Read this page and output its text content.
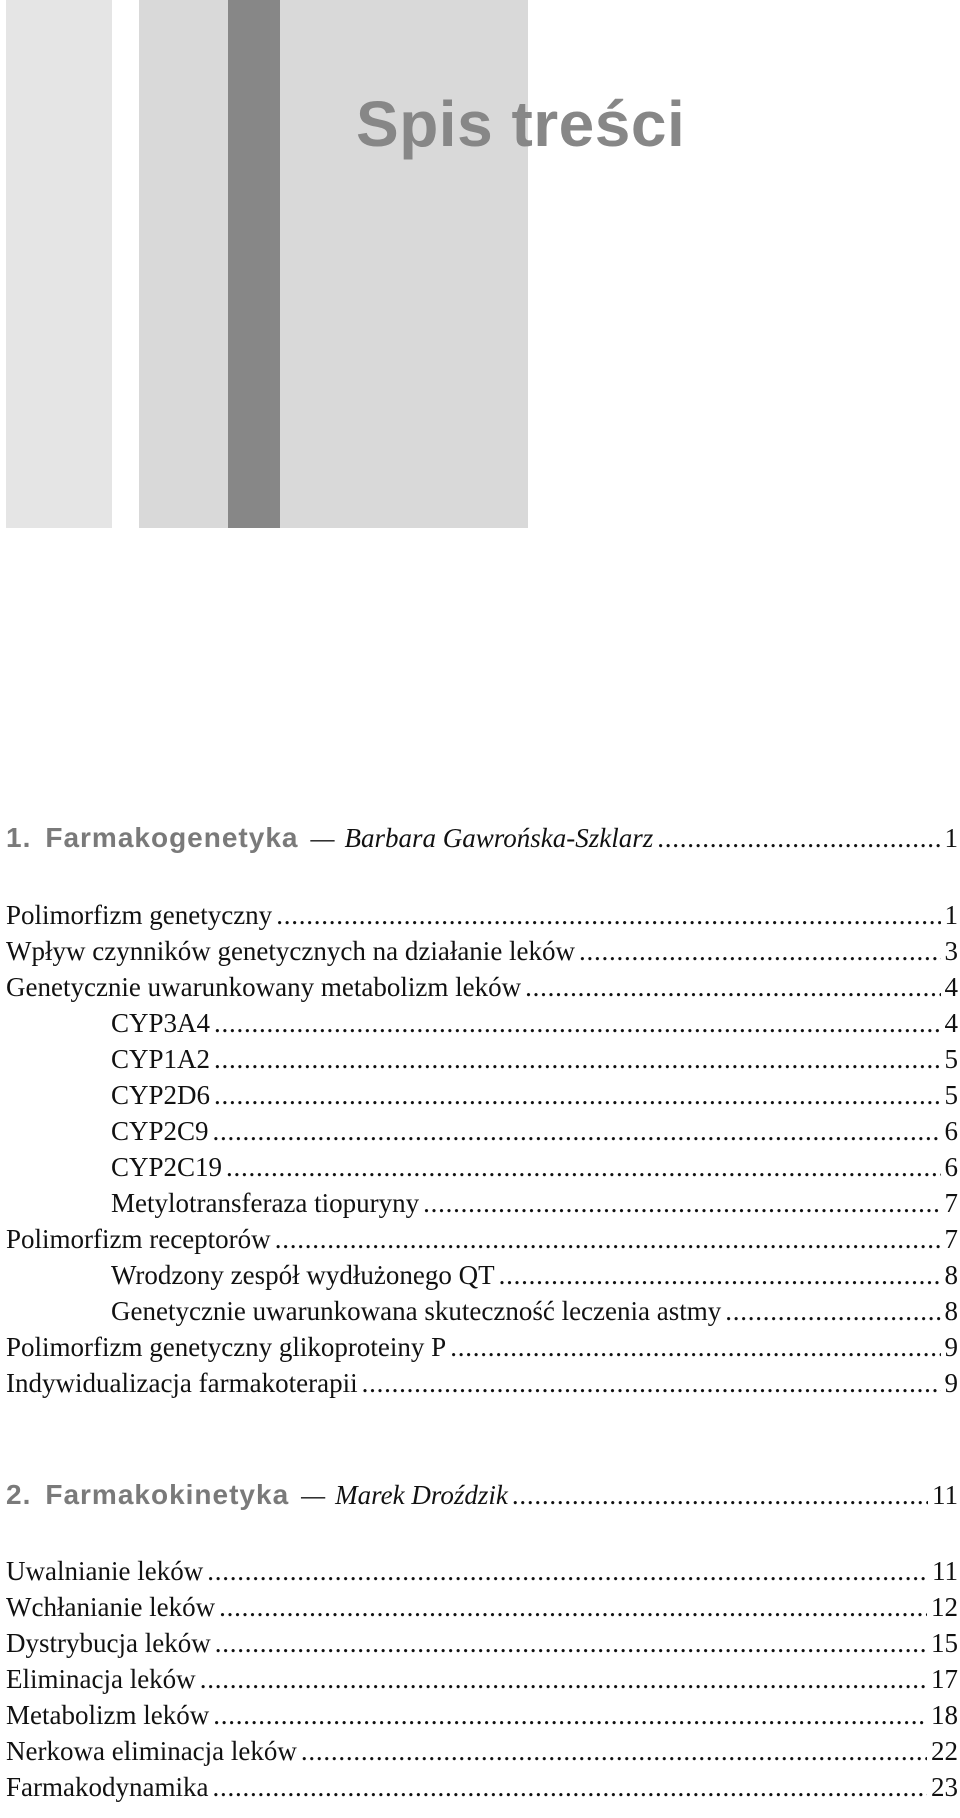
Spis treści
1. Farmakogenetyka — Barbara Gawrońska-Szklarz . . .	1
Polimorfizm genetyczny . . .	1
Wpływ czynników genetycznych na działanie leków . . .	3
Genetycznie uwarunkowany metabolizm leków . . .	4
CYP3A4 . . .	4
CYP1A2 . . .	5
CYP2D6 . . .	5
CYP2C9 . . .	6
CYP2C19 . . .	6
Metylotransferaza tiopuryny . . .	7
Polimorfizm receptorów . . .	7
Wrodzony zespół wydłużonego QT . . .	8
Genetycznie uwarunkowana skuteczność leczenia astmy . . .	8
Polimorfizm genetyczny glikoproteiny P . . .	9
Indywidualizacja farmakoterapii . . .	9
2. Farmakokinetyka — Marek Droździk . . .	11
Uwalnianie leków . . .	11
Wchłanianie leków . . .	12
Dystrybucja leków . . .	15
Eliminacja leków . . .	17
Metabolizm leków . . .	18
Nerkowa eliminacja leków . . .	22
Farmakodynamika . . .	23
